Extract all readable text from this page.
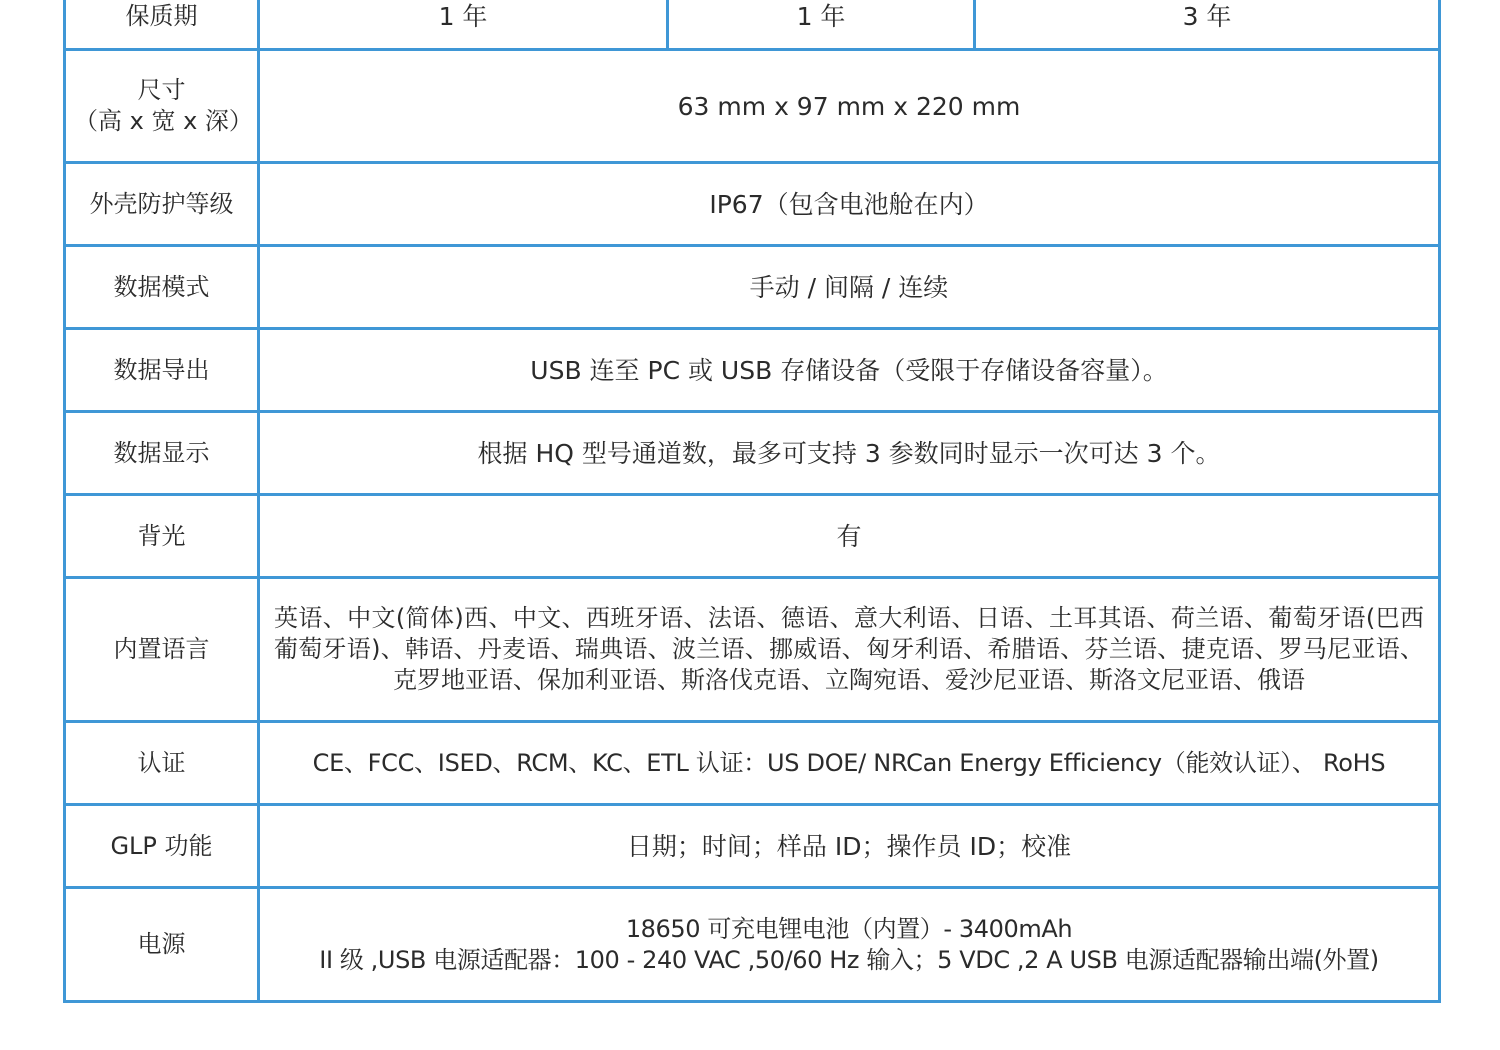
保质期	1 年	1 年	3 年

尺寸
（高 x 宽 x 深）	63 mm x 97 mm x 220 mm		

外壳防护等级	IP67（包含电池舱在内）		

数据模式	手动 / 间隔 / 连续		

数据导出	USB 连至 PC 或 USB 存储设备（受限于存储设备容量）。		

数据显示	根据 HQ 型号通道数，最多可支持 3 参数同时显示一次可达 3 个。		

背光	有		

内置语言	英语、中文(简体)西、中文、西班牙语、法语、德语、意大利语、日语、土耳其语、荷兰语、葡萄牙语(巴西葡萄牙语)、韩语、丹麦语、瑞典语、波兰语、挪威语、匈牙利语、希腊语、芬兰语、捷克语、罗马尼亚语、克罗地亚语、保加利亚语、斯洛伐克语、立陶宛语、爱沙尼亚语、斯洛文尼亚语、俄语		

认证	CE、FCC、ISED、RCM、KC、ETL 认证：US DOE/ NRCan Energy Efficiency（能效认证）、 RoHS		

GLP 功能	日期；时间；样品 ID；操作员 ID；校准		

电源	18650 可充电锂电池（内置）- 3400mAh
II 级 ,USB 电源适配器：100 - 240 VAC ,50/60 Hz 输入；5 VDC ,2 A USB 电源适配器输出端(外置)		
